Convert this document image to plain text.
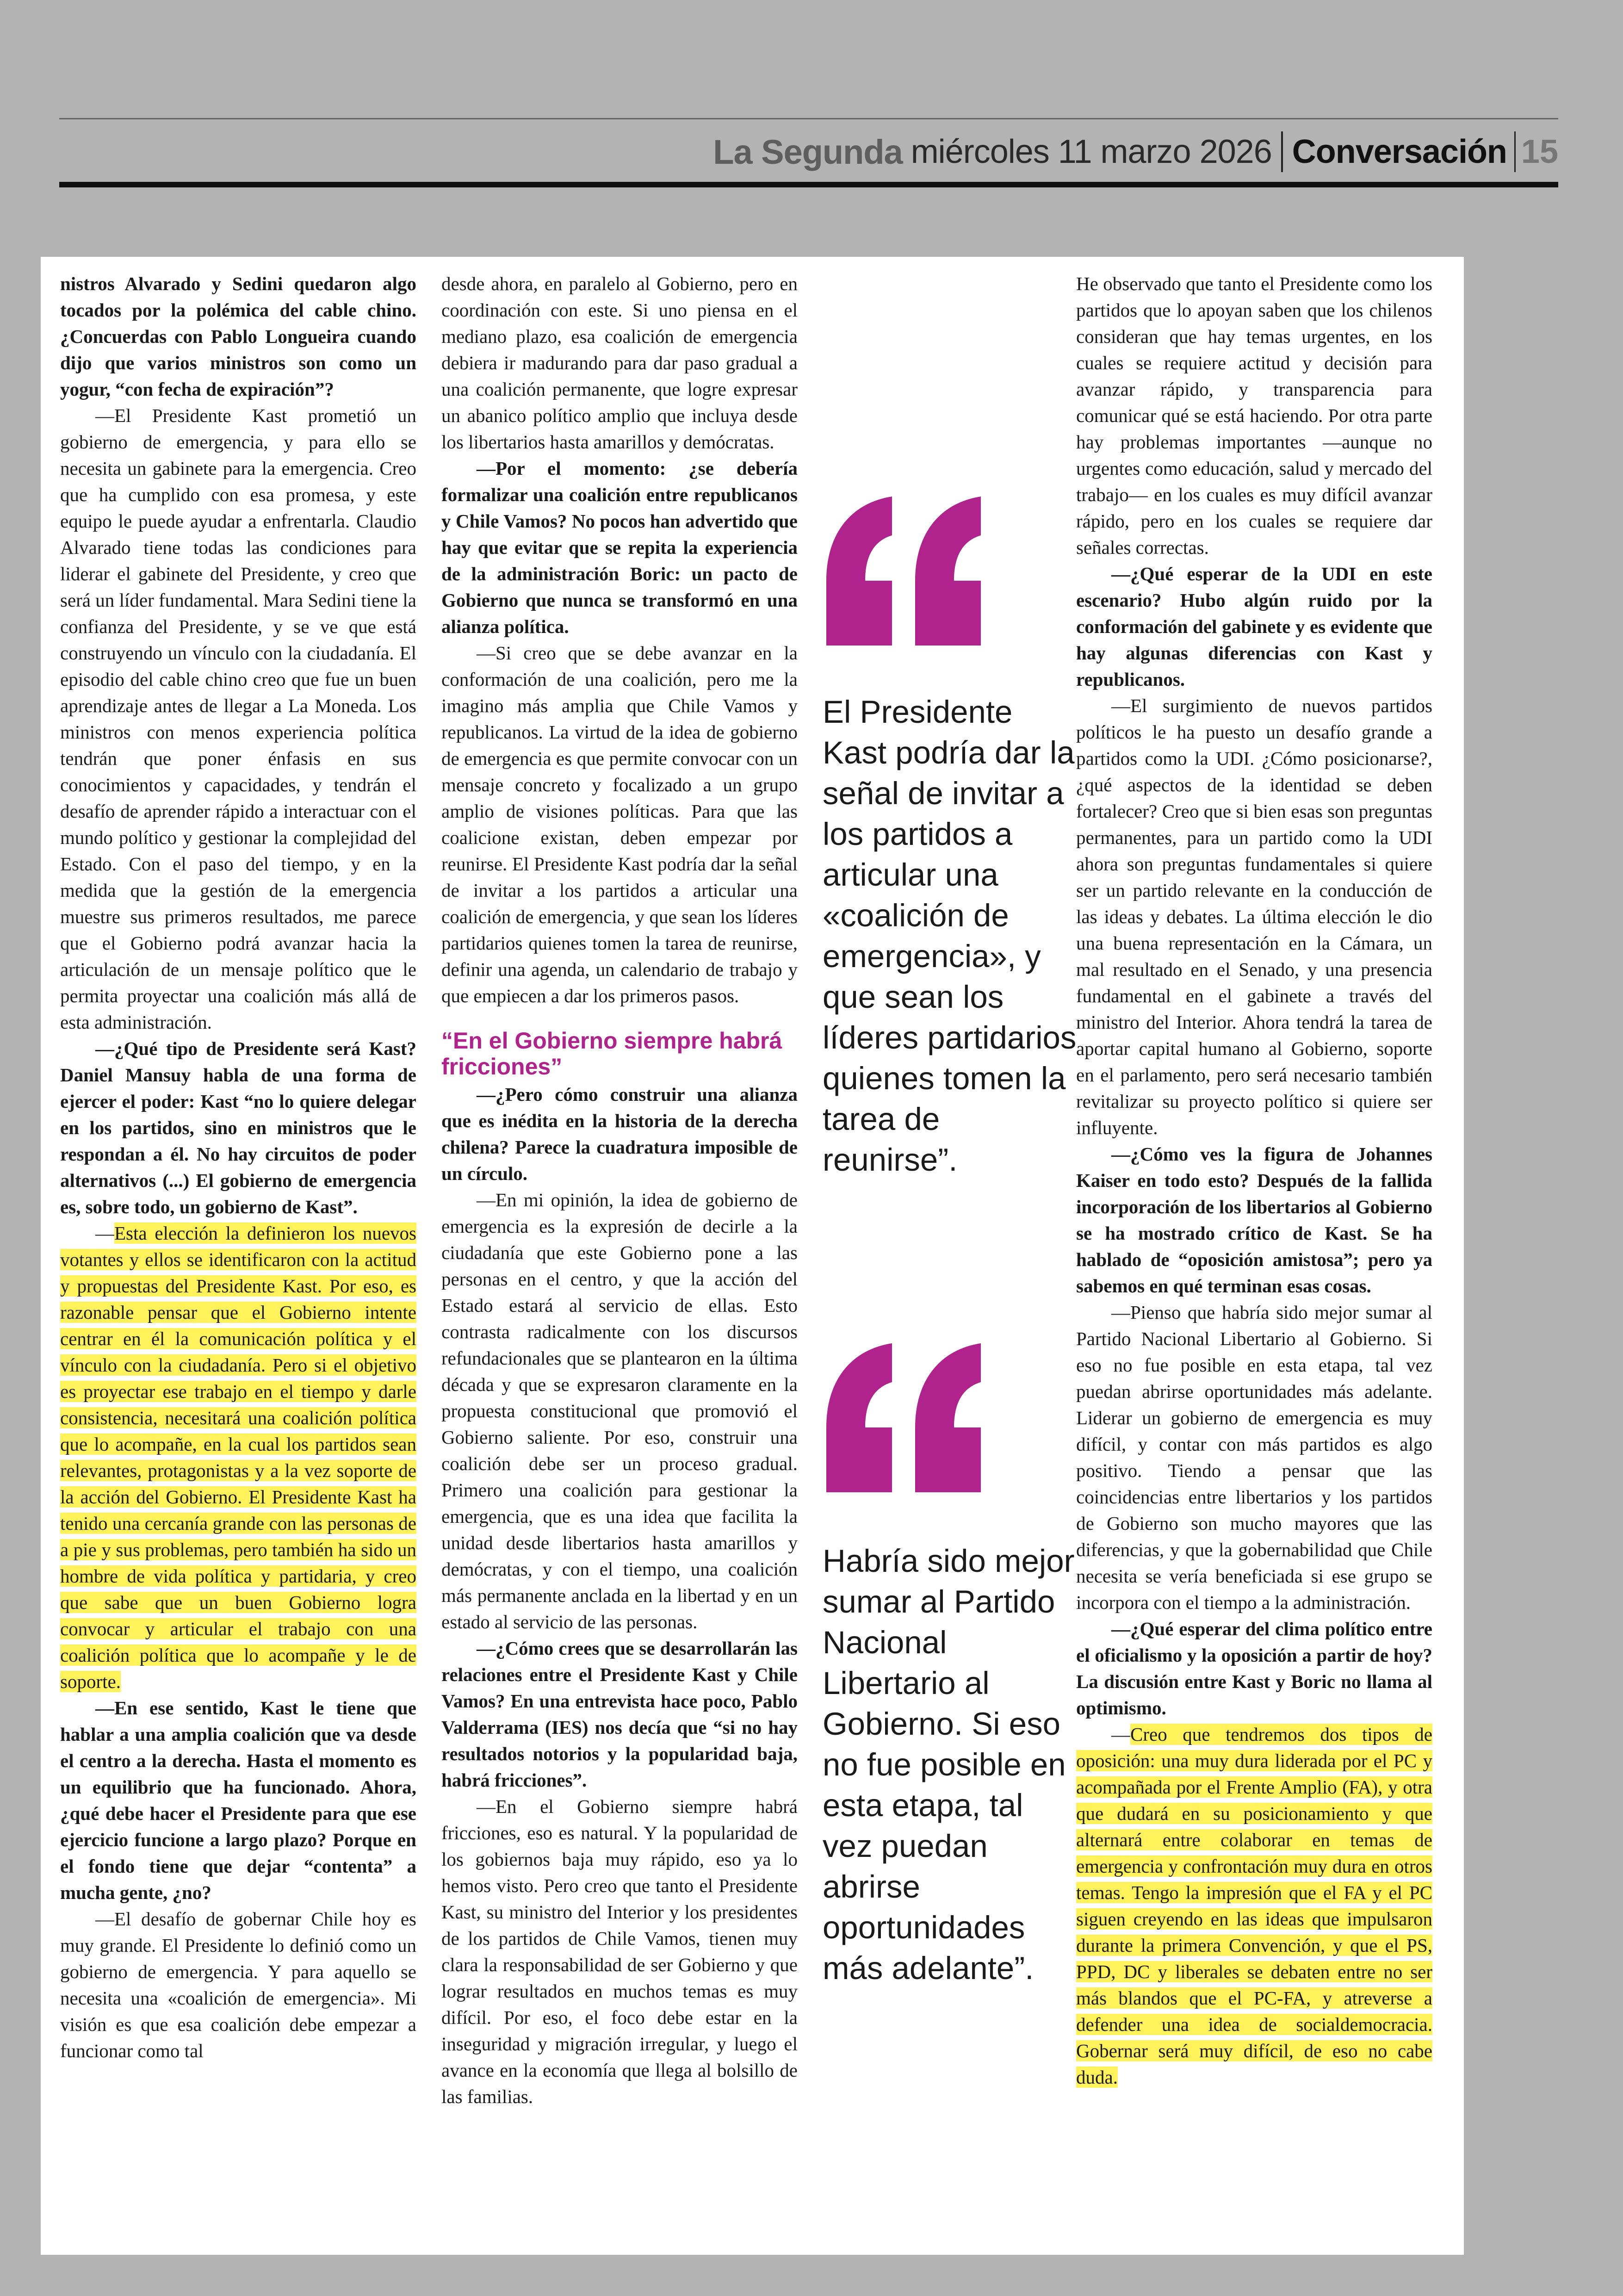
La Segunda miércoles 11 marzo 2026 Conversación 15

nistros Alvarado y Sedini quedaron algo tocados por la polémica del cable chino. ¿Concuerdas con Pablo Longueira cuando dijo que varios ministros son como un yogur, “con fecha de expiración”?

—El Presidente Kast prometió un gobierno de emergencia, y para ello se necesita un gabinete para la emergencia. Creo que ha cumplido con esa promesa, y este equipo le puede ayudar a enfrentarla. Claudio Alvarado tiene todas las condiciones para liderar el gabinete del Presidente, y creo que será un líder fundamental. Mara Sedini tiene la confianza del Presidente, y se ve que está construyendo un vínculo con la ciudadanía. El episodio del cable chino creo que fue un buen aprendizaje antes de llegar a La Moneda. Los ministros con menos experiencia política tendrán que poner énfasis en sus conocimientos y capacidades, y tendrán el desafío de aprender rápido a interactuar con el mundo político y gestionar la complejidad del Estado. Con el paso del tiempo, y en la medida que la gestión de la emergencia muestre sus primeros resultados, me parece que el Gobierno podrá avanzar hacia la articulación de un mensaje político que le permita proyectar una coalición más allá de esta administración.

—¿Qué tipo de Presidente será Kast? Daniel Mansuy habla de una forma de ejercer el poder: Kast “no lo quiere delegar en los partidos, sino en ministros que le respondan a él. No hay circuitos de poder alternativos (...) El gobierno de emergencia es, sobre todo, un gobierno de Kast”.

—Esta elección la definieron los nuevos votantes y ellos se identificaron con la actitud y propuestas del Presidente Kast. Por eso, es razonable pensar que el Gobierno intente centrar en él la comunicación política y el vínculo con la ciudadanía. Pero si el objetivo es proyectar ese trabajo en el tiempo y darle consistencia, necesitará una coalición política que lo acompañe, en la cual los partidos sean relevantes, protagonistas y a la vez soporte de la acción del Gobierno. El Presidente Kast ha tenido una cercanía grande con las personas de a pie y sus problemas, pero también ha sido un hombre de vida política y partidaria, y creo que sabe que un buen Gobierno logra convocar y articular el trabajo con una coalición política que lo acompañe y le de soporte.

—En ese sentido, Kast le tiene que hablar a una amplia coalición que va desde el centro a la derecha. Hasta el momento es un equilibrio que ha funcionado. Ahora, ¿qué debe hacer el Presidente para que ese ejercicio funcione a largo plazo? Porque en el fondo tiene que dejar “contenta” a mucha gente, ¿no?

—El desafío de gobernar Chile hoy es muy grande. El Presidente lo definió como un gobierno de emergencia. Y para aquello se necesita una «coalición de emergencia». Mi visión es que esa coalición debe empezar a funcionar como tal

desde ahora, en paralelo al Gobierno, pero en coordinación con este. Si uno piensa en el mediano plazo, esa coalición de emergencia debiera ir madurando para dar paso gradual a una coalición permanente, que logre expresar un abanico político amplio que incluya desde los libertarios hasta amarillos y demócratas.

—Por el momento: ¿se debería formalizar una coalición entre republicanos y Chile Vamos? No pocos han advertido que hay que evitar que se repita la experiencia de la administración Boric: un pacto de Gobierno que nunca se transformó en una alianza política.

—Si creo que se debe avanzar en la conformación de una coalición, pero me la imagino más amplia que Chile Vamos y republicanos. La virtud de la idea de gobierno de emergencia es que permite convocar con un mensaje concreto y focalizado a un grupo amplio de visiones políticas. Para que las coalicione existan, deben empezar por reunirse. El Presidente Kast podría dar la señal de invitar a los partidos a articular una coalición de emergencia, y que sean los líderes partidarios quienes tomen la tarea de reunirse, definir una agenda, un calendario de trabajo y que empiecen a dar los primeros pasos.

“En el Gobierno siempre habrá fricciones”

—¿Pero cómo construir una alianza que es inédita en la historia de la derecha chilena? Parece la cuadratura imposible de un círculo.

—En mi opinión, la idea de gobierno de emergencia es la expresión de decirle a la ciudadanía que este Gobierno pone a las personas en el centro, y que la acción del Estado estará al servicio de ellas. Esto contrasta radicalmente con los discursos refundacionales que se plantearon en la última década y que se expresaron claramente en la propuesta constitucional que promovió el Gobierno saliente. Por eso, construir una coalición debe ser un proceso gradual. Primero una coalición para gestionar la emergencia, que es una idea que facilita la unidad desde libertarios hasta amarillos y demócratas, y con el tiempo, una coalición más permanente anclada en la libertad y en un estado al servicio de las personas.

—¿Cómo crees que se desarrollarán las relaciones entre el Presidente Kast y Chile Vamos? En una entrevista hace poco, Pablo Valderrama (IES) nos decía que “si no hay resultados notorios y la popularidad baja, habrá fricciones”.

—En el Gobierno siempre habrá fricciones, eso es natural. Y la popularidad de los gobiernos baja muy rápido, eso ya lo hemos visto. Pero creo que tanto el Presidente Kast, su ministro del Interior y los presidentes de los partidos de Chile Vamos, tienen muy clara la responsabilidad de ser Gobierno y que lograr resultados en muchos temas es muy difícil. Por eso, el foco debe estar en la inseguridad y migración irregular, y luego el avance en la economía que llega al bolsillo de las familias.

El Presidente Kast podría dar la señal de invitar a los partidos a articular una «coalición de emergencia», y que sean los líderes partidarios quienes tomen la tarea de reunirse”.
Habría sido mejor sumar al Partido Nacional Libertario al Gobierno. Si eso no fue posible en esta etapa, tal vez puedan abrirse oportunidades más adelante”.

He observado que tanto el Presidente como los partidos que lo apoyan saben que los chilenos consideran que hay temas urgentes, en los cuales se requiere actitud y decisión para avanzar rápido, y transparencia para comunicar qué se está haciendo. Por otra parte hay problemas importantes —aunque no urgentes como educación, salud y mercado del trabajo— en los cuales es muy difícil avanzar rápido, pero en los cuales se requiere dar señales correctas.

—¿Qué esperar de la UDI en este escenario? Hubo algún ruido por la conformación del gabinete y es evidente que hay algunas diferencias con Kast y republicanos.

—El surgimiento de nuevos partidos políticos le ha puesto un desafío grande a partidos como la UDI. ¿Cómo posicionarse?, ¿qué aspectos de la identidad se deben fortalecer? Creo que si bien esas son preguntas permanentes, para un partido como la UDI ahora son preguntas fundamentales si quiere ser un partido relevante en la conducción de las ideas y debates. La última elección le dio una buena representación en la Cámara, un mal resultado en el Senado, y una presencia fundamental en el gabinete a través del ministro del Interior. Ahora tendrá la tarea de aportar capital humano al Gobierno, soporte en el parlamento, pero será necesario también revitalizar su proyecto político si quiere ser influyente.

—¿Cómo ves la figura de Johannes Kaiser en todo esto? Después de la fallida incorporación de los libertarios al Gobierno se ha mostrado crítico de Kast. Se ha hablado de “oposición amistosa”; pero ya sabemos en qué terminan esas cosas.

—Pienso que habría sido mejor sumar al Partido Nacional Libertario al Gobierno. Si eso no fue posible en esta etapa, tal vez puedan abrirse oportunidades más adelante. Liderar un gobierno de emergencia es muy difícil, y contar con más partidos es algo positivo. Tiendo a pensar que las coincidencias entre libertarios y los partidos de Gobierno son mucho mayores que las diferencias, y que la gobernabilidad que Chile necesita se vería beneficiada si ese grupo se incorpora con el tiempo a la administración.

—¿Qué esperar del clima político entre el oficialismo y la oposición a partir de hoy? La discusión entre Kast y Boric no llama al optimismo.

—Creo que tendremos dos tipos de oposición: una muy dura liderada por el PC y acompañada por el Frente Amplio (FA), y otra que dudará en su posicionamiento y que alternará entre colaborar en temas de emergencia y confrontación muy dura en otros temas. Tengo la impresión que el FA y el PC siguen creyendo en las ideas que impulsaron durante la primera Convención, y que el PS, PPD, DC y liberales se debaten entre no ser más blandos que el PC-FA, y atreverse a defender una idea de socialdemocracia. Gobernar será muy difícil, de eso no cabe duda.
